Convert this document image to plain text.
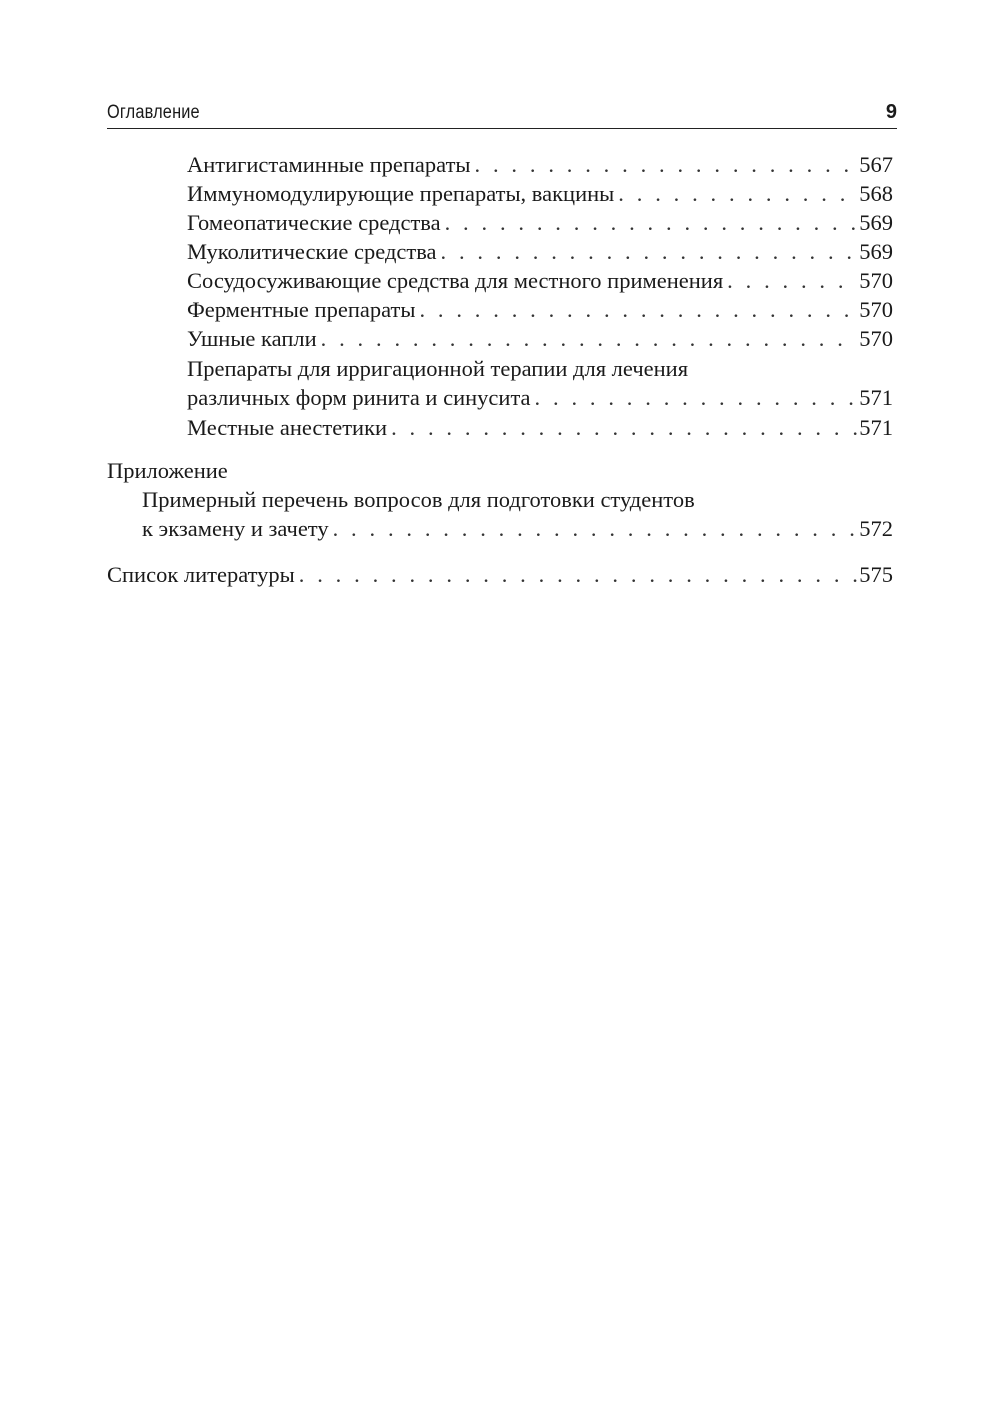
Оглавление	9
Антигистаминные препараты . . .	567
Иммуномодулирующие препараты, вакцины . . .	568
Гомеопатические средства . . .	569
Муколитические средства . . .	569
Сосудосуживающие средства для местного применения . . .	570
Ферментные препараты . . .	570
Ушные капли . . .	570
Препараты для ирригационной терапии для лечения
различных форм ринита и синусита . . .	571
Местные анестетики . . .	571
Приложение
Примерный перечень вопросов для подготовки студентов
к экзамену и зачету . . .	572
Список литературы . . .	575
